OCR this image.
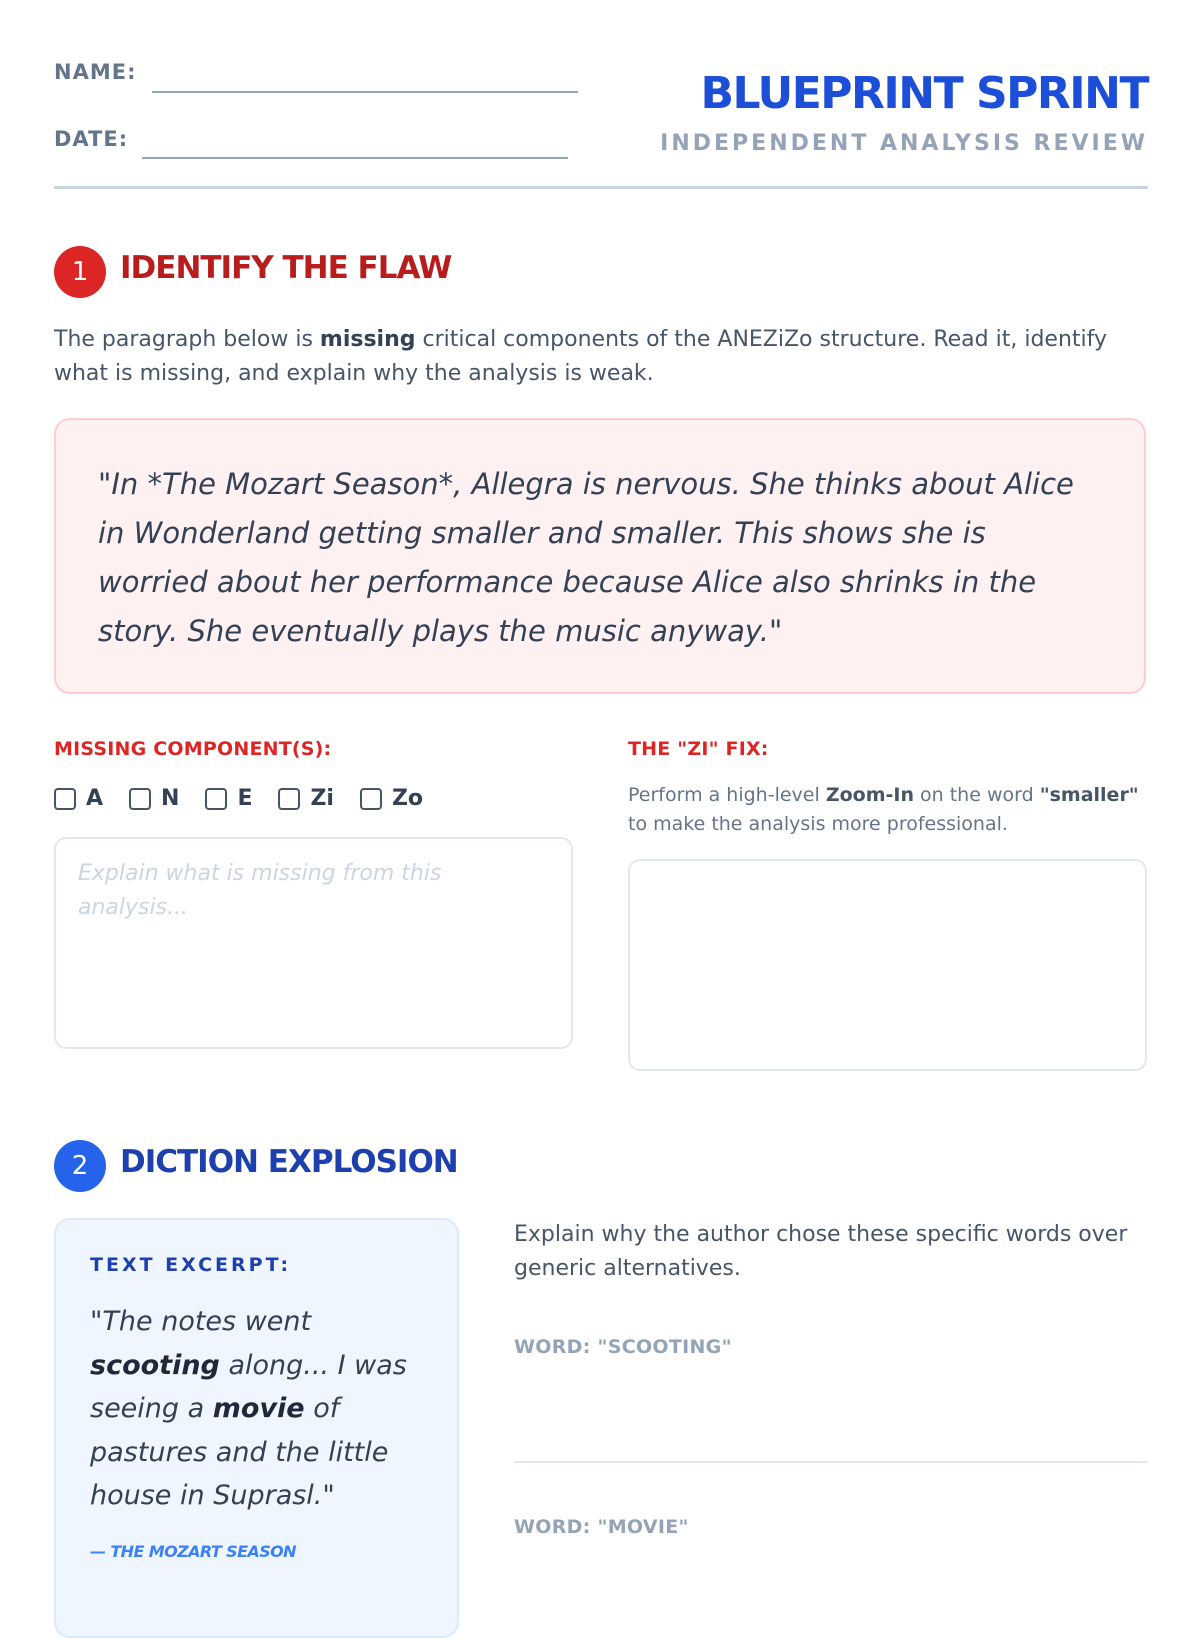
NAME:
DATE:
BLUEPRINT SPRINT
INDEPENDENT ANALYSIS REVIEW
1	IDENTIFY THE FLAW
The paragraph below is missing critical components of the ANEZiZo structure. Read it, identify what is missing, and explain why the analysis is weak.
"In *The Mozart Season*, Allegra is nervous. She thinks about Alice in Wonderland getting smaller and smaller. This shows she is worried about her performance because Alice also shrinks in the story. She eventually plays the music anyway."
MISSING COMPONENT(S):
A	N	E	Zi	Zo
Explain what is missing from this analysis...
THE "ZI" FIX:
Perform a high-level Zoom-In on the word "smaller" to make the analysis more professional.
2	DICTION EXPLOSION
TEXT EXCERPT:
"The notes went scooting along... I was seeing a movie of pastures and the little house in Suprasl."
— THE MOZART SEASON
Explain why the author chose these specific words over generic alternatives.
WORD: "SCOOTING"
WORD: "MOVIE"
